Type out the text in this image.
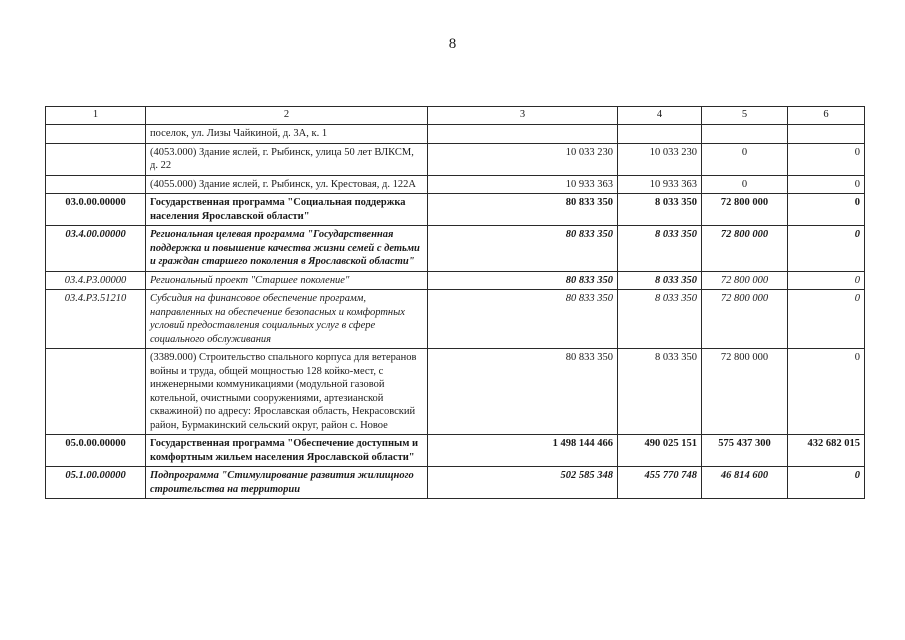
8
1	2	3	4	5	6
	поселок, ул. Лизы Чайкиной, д. 3А, к. 1				
	(4053.000) Здание яслей, г. Рыбинск, улица 50 лет ВЛКСМ, д. 22	10 033 230	10 033 230	0	0
	(4055.000) Здание яслей, г. Рыбинск, ул. Крестовая, д. 122А	10 933 363	10 933 363	0	0
03.0.00.00000	Государственная программа "Социальная поддержка населения Ярославской области"	80 833 350	8 033 350	72 800 000	0
03.4.00.00000	Региональная целевая программа "Государственная поддержка и повышение качества жизни семей с детьми и граждан старшего поколения в Ярославской области"	80 833 350	8 033 350	72 800 000	0
03.4.P3.00000	Региональный проект "Старшее поколение"	80 833 350	8 033 350	72 800 000	0
03.4.P3.51210	Субсидия на финансовое обеспечение программ, направленных на обеспечение безопасных и комфортных условий предоставления социальных услуг в сфере социального обслуживания	80 833 350	8 033 350	72 800 000	0
	(3389.000) Строительство спального корпуса для ветеранов войны и труда, общей мощностью 128 койко-мест, с инженерными коммуникациями (модульной газовой котельной, очистными сооружениями, артезианской скважиной) по адресу: Ярославская область, Некрасовский район, Бурмакинский сельский округ, район с. Новое	80 833 350	8 033 350	72 800 000	0
05.0.00.00000	Государственная программа "Обеспечение доступным и комфортным жильем населения Ярославской области"	1 498 144 466	490 025 151	575 437 300	432 682 015
05.1.00.00000	Подпрограмма "Стимулирование развития жилищного строительства на территории	502 585 348	455 770 748	46 814 600	0
